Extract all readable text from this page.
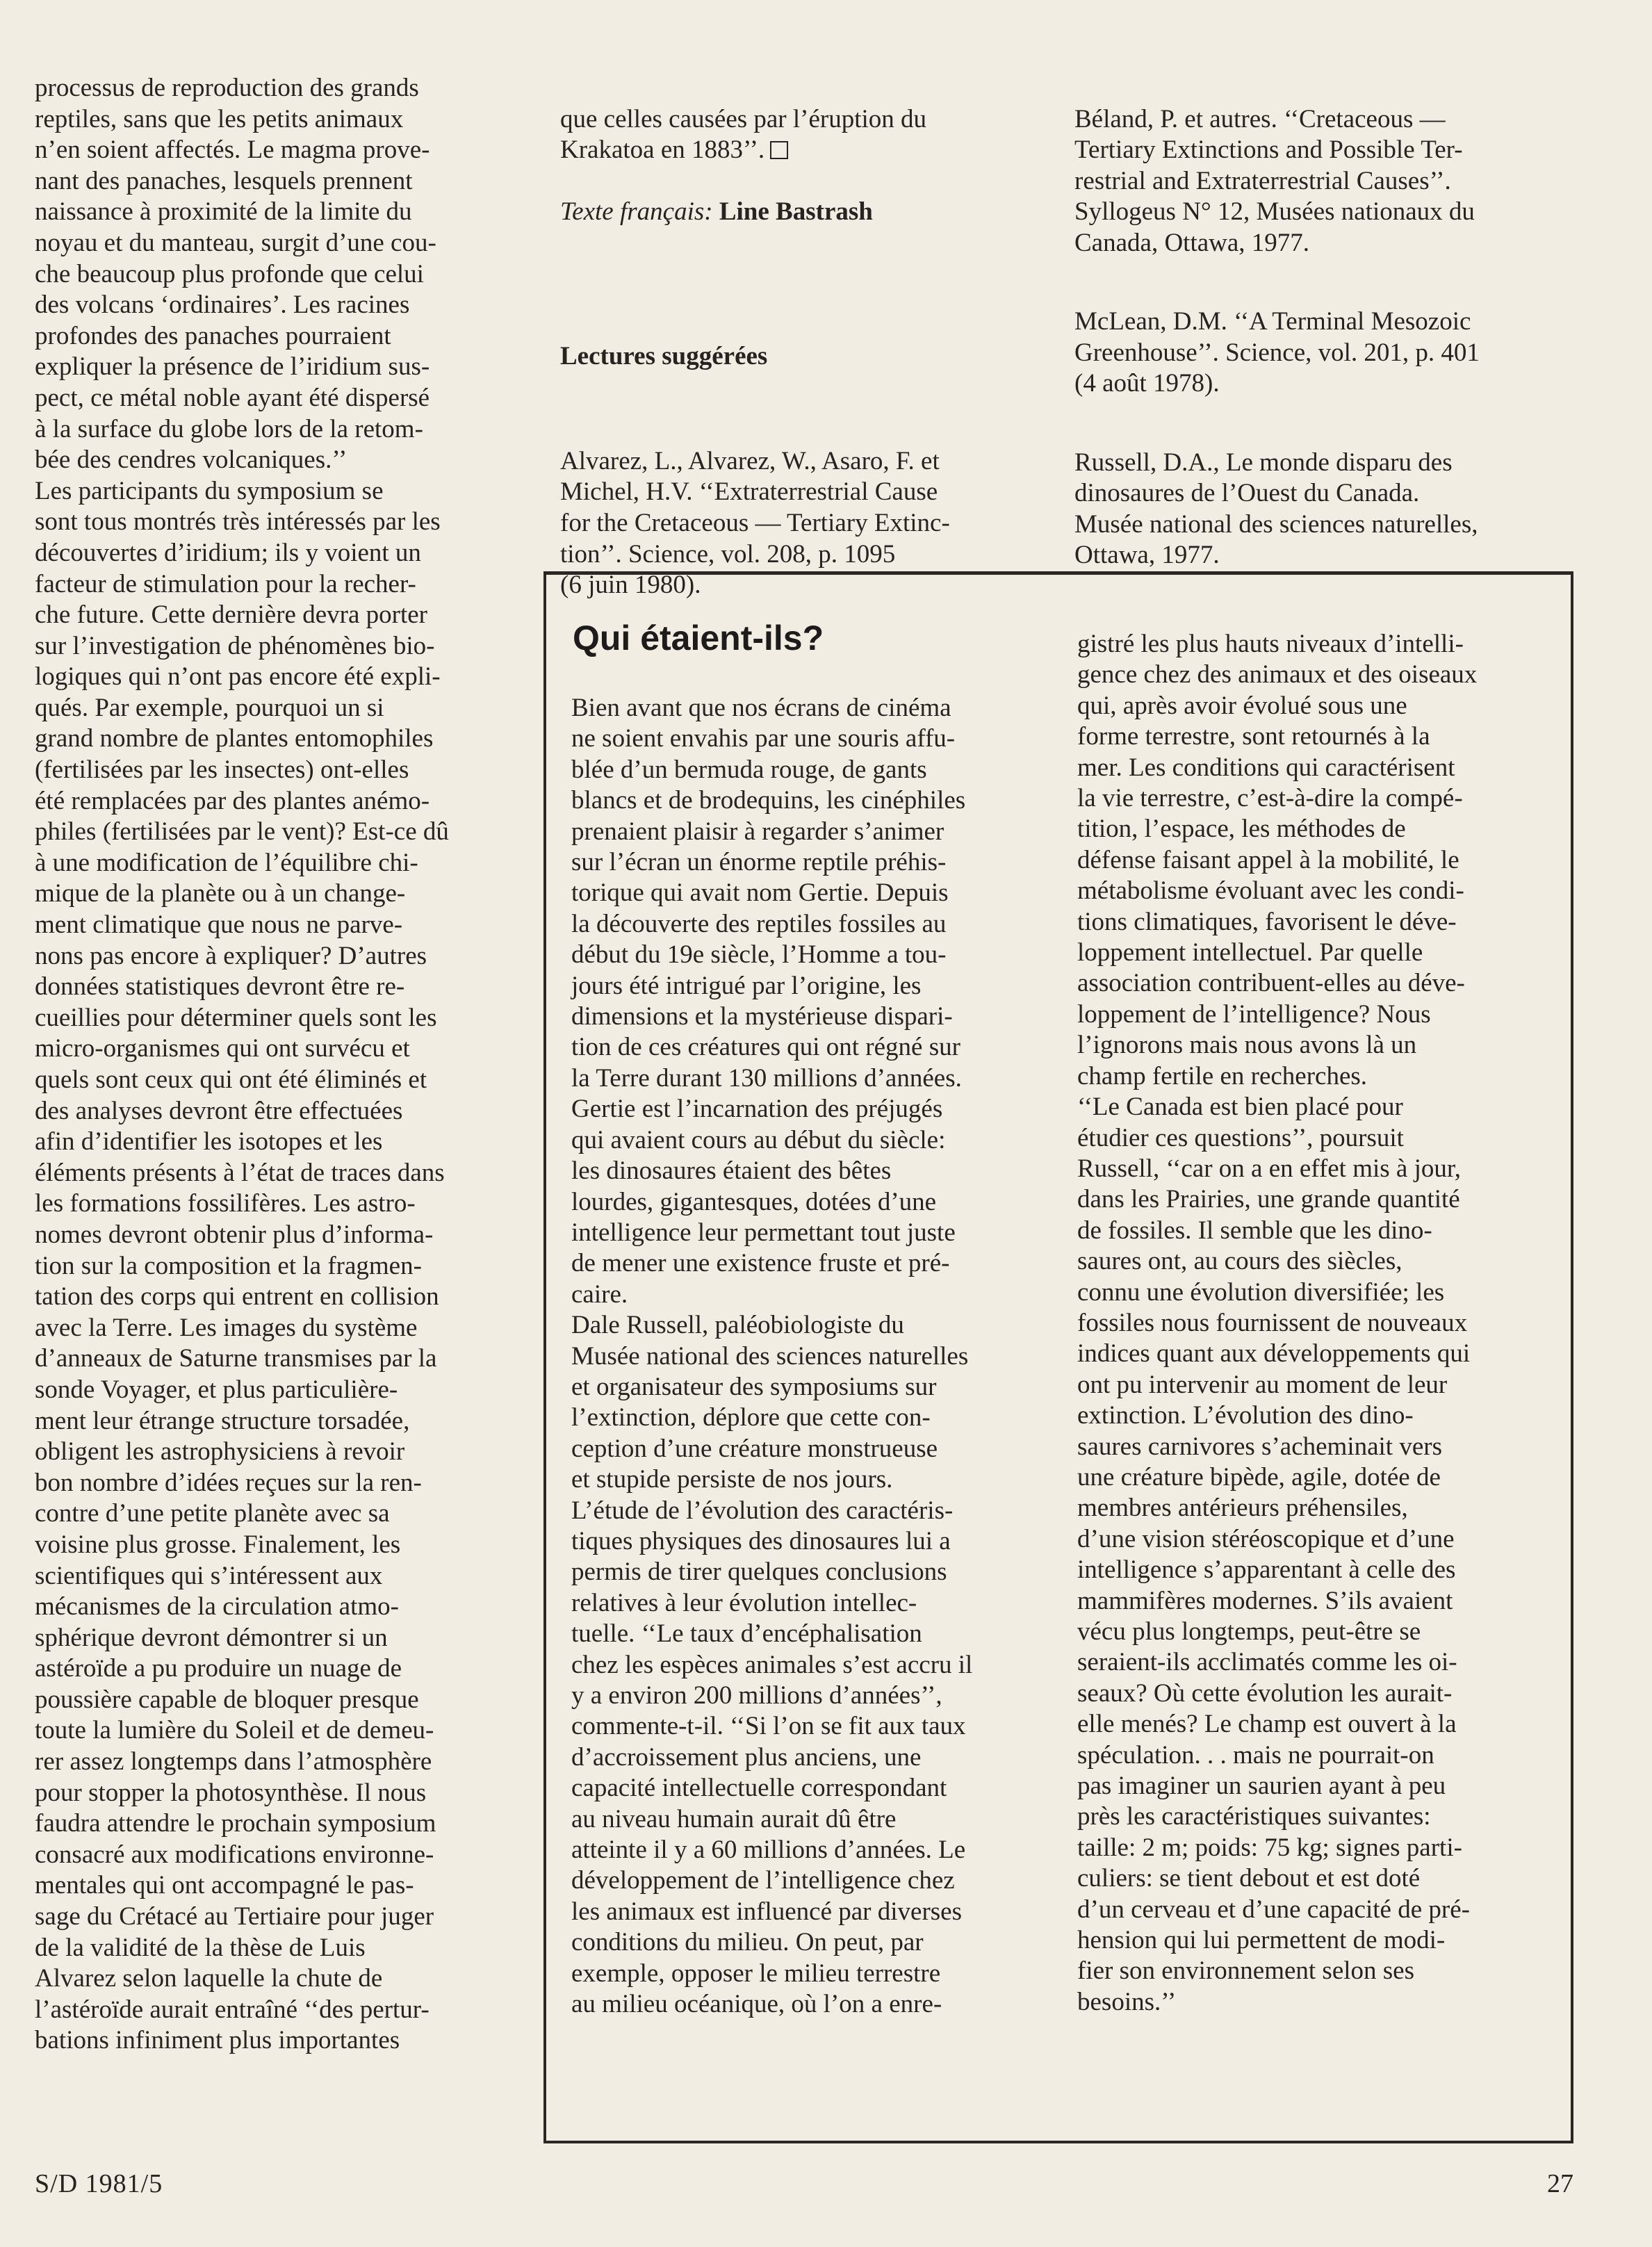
processus de reproduction des grands
reptiles, sans que les petits animaux
n’en soient affectés. Le magma prove-
nant des panaches, lesquels prennent
naissance à proximité de la limite du
noyau et du manteau, surgit d’une cou-
che beaucoup plus profonde que celui
des volcans ‘ordinaires’. Les racines
profondes des panaches pourraient
expliquer la présence de l’iridium sus-
pect, ce métal noble ayant été dispersé
à la surface du globe lors de la retom-
bée des cendres volcaniques.’’
Les participants du symposium se
sont tous montrés très intéressés par les
découvertes d’iridium; ils y voient un
facteur de stimulation pour la recher-
che future. Cette dernière devra porter
sur l’investigation de phénomènes bio-
logiques qui n’ont pas encore été expli-
qués. Par exemple, pourquoi un si
grand nombre de plantes entomophiles
(fertilisées par les insectes) ont-elles
été remplacées par des plantes anémo-
philes (fertilisées par le vent)? Est-ce dû
à une modification de l’équilibre chi-
mique de la planète ou à un change-
ment climatique que nous ne parve-
nons pas encore à expliquer? D’autres
données statistiques devront être re-
cueillies pour déterminer quels sont les
micro-organismes qui ont survécu et
quels sont ceux qui ont été éliminés et
des analyses devront être effectuées
afin d’identifier les isotopes et les
éléments présents à l’état de traces dans
les formations fossilifères. Les astro-
nomes devront obtenir plus d’informa-
tion sur la composition et la fragmen-
tation des corps qui entrent en collision
avec la Terre. Les images du système
d’anneaux de Saturne transmises par la
sonde Voyager, et plus particulière-
ment leur étrange structure torsadée,
obligent les astrophysiciens à revoir
bon nombre d’idées reçues sur la ren-
contre d’une petite planète avec sa
voisine plus grosse. Finalement, les
scientifiques qui s’intéressent aux
mécanismes de la circulation atmo-
sphérique devront démontrer si un
astéroïde a pu produire un nuage de
poussière capable de bloquer presque
toute la lumière du Soleil et de demeu-
rer assez longtemps dans l’atmosphère
pour stopper la photosynthèse. Il nous
faudra attendre le prochain symposium
consacré aux modifications environne-
mentales qui ont accompagné le pas-
sage du Crétacé au Tertiaire pour juger
de la validité de la thèse de Luis
Alvarez selon laquelle la chute de
l’astéroïde aurait entraîné ‘‘des pertur-
bations infiniment plus importantes

que celles causées par l’éruption du
Krakatoa en 1883’’.

Texte français: Line Bastrash

Lectures suggérées

Alvarez, L., Alvarez, W., Asaro, F. et
Michel, H.V. ‘‘Extraterrestrial Cause
for the Cretaceous — Tertiary Extinc-
tion’’. Science, vol. 208, p. 1095
(6 juin 1980).

Béland, P. et autres. ‘‘Cretaceous —
Tertiary Extinctions and Possible Ter-
restrial and Extraterrestrial Causes’’.
Syllogeus N° 12, Musées nationaux du
Canada, Ottawa, 1977.

McLean, D.M. ‘‘A Terminal Mesozoic
Greenhouse’’. Science, vol. 201, p. 401
(4 août 1978).

Russell, D.A., Le monde disparu des
dinosaures de l’Ouest du Canada.
Musée national des sciences naturelles,
Ottawa, 1977.

Qui étaient-ils?
Bien avant que nos écrans de cinéma
ne soient envahis par une souris affu-
blée d’un bermuda rouge, de gants
blancs et de brodequins, les cinéphiles
prenaient plaisir à regarder s’animer
sur l’écran un énorme reptile préhis-
torique qui avait nom Gertie. Depuis
la découverte des reptiles fossiles au
début du 19e siècle, l’Homme a tou-
jours été intrigué par l’origine, les
dimensions et la mystérieuse dispari-
tion de ces créatures qui ont régné sur
la Terre durant 130 millions d’années.
Gertie est l’incarnation des préjugés
qui avaient cours au début du siècle:
les dinosaures étaient des bêtes
lourdes, gigantesques, dotées d’une
intelligence leur permettant tout juste
de mener une existence fruste et pré-
caire.
Dale Russell, paléobiologiste du
Musée national des sciences naturelles
et organisateur des symposiums sur
l’extinction, déplore que cette con-
ception d’une créature monstrueuse
et stupide persiste de nos jours.
L’étude de l’évolution des caractéris-
tiques physiques des dinosaures lui a
permis de tirer quelques conclusions
relatives à leur évolution intellec-
tuelle. ‘‘Le taux d’encéphalisation
chez les espèces animales s’est accru il
y a environ 200 millions d’années’’,
commente-t-il. ‘‘Si l’on se fit aux taux
d’accroissement plus anciens, une
capacité intellectuelle correspondant
au niveau humain aurait dû être
atteinte il y a 60 millions d’années. Le
développement de l’intelligence chez
les animaux est influencé par diverses
conditions du milieu. On peut, par
exemple, opposer le milieu terrestre
au milieu océanique, où l’on a enre-
gistré les plus hauts niveaux d’intelli-
gence chez des animaux et des oiseaux
qui, après avoir évolué sous une
forme terrestre, sont retournés à la
mer. Les conditions qui caractérisent
la vie terrestre, c’est-à-dire la compé-
tition, l’espace, les méthodes de
défense faisant appel à la mobilité, le
métabolisme évoluant avec les condi-
tions climatiques, favorisent le déve-
loppement intellectuel. Par quelle
association contribuent-elles au déve-
loppement de l’intelligence? Nous
l’ignorons mais nous avons là un
champ fertile en recherches.
‘‘Le Canada est bien placé pour
étudier ces questions’’, poursuit
Russell, ‘‘car on a en effet mis à jour,
dans les Prairies, une grande quantité
de fossiles. Il semble que les dino-
saures ont, au cours des siècles,
connu une évolution diversifiée; les
fossiles nous fournissent de nouveaux
indices quant aux développements qui
ont pu intervenir au moment de leur
extinction. L’évolution des dino-
saures carnivores s’acheminait vers
une créature bipède, agile, dotée de
membres antérieurs préhensiles,
d’une vision stéréoscopique et d’une
intelligence s’apparentant à celle des
mammifères modernes. S’ils avaient
vécu plus longtemps, peut-être se
seraient-ils acclimatés comme les oi-
seaux? Où cette évolution les aurait-
elle menés? Le champ est ouvert à la
spéculation. . . mais ne pourrait-on
pas imaginer un saurien ayant à peu
près les caractéristiques suivantes:
taille: 2 m; poids: 75 kg; signes parti-
culiers: se tient debout et est doté
d’un cerveau et d’une capacité de pré-
hension qui lui permettent de modi-
fier son environnement selon ses
besoins.’’
S/D 1981/5	27
